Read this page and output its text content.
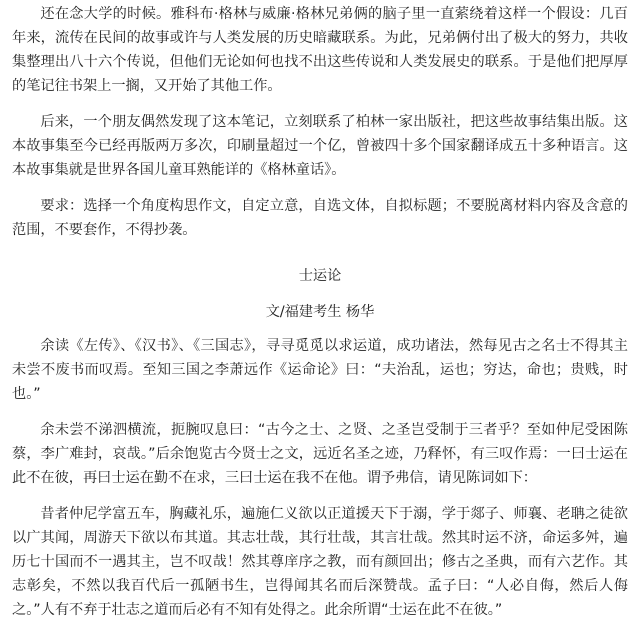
还在念大学的时候。雅科布·格林与威廉·格林兄弟俩的脑子里一直萦绕着这样一个假设：几百年来，流传在民间的故事或许与人类发展的历史暗藏联系。为此，兄弟俩付出了极大的努力，共收集整理出八十六个传说，但他们无论如何也找不出这些传说和人类发展史的联系。于是他们把厚厚的笔记往书架上一搁，又开始了其他工作。

后来，一个朋友偶然发现了这本笔记，立刻联系了柏林一家出版社，把这些故事结集出版。这本故事集至今已经再版两万多次，印刷量超过一个亿，曾被四十多个国家翻译成五十多种语言。这本故事集就是世界各国儿童耳熟能详的《格林童话》。

要求：选择一个角度构思作文，自定立意，自选文体，自拟标题；不要脱离材料内容及含意的范围，不要套作，不得抄袭。

士运论

文/福建考生 杨华

余读《左传》、《汉书》、《三国志》，寻寻觅觅以求运道，成功诸法，然每见古之名士不得其主未尝不废书而叹焉。至知三国之李萧远作《运命论》曰：“夫治乱，运也；穷达，命也；贵贱，时也。”

余未尝不涕泗横流，扼腕叹息曰：“古今之士、之贤、之圣岂受制于三者乎？至如仲尼受困陈蔡，李广难封，哀哉。”后余饱览古今贤士之文，远近名圣之迹，乃释怀，有三叹作焉：一曰士运在此不在彼，再曰士运在勤不在求，三曰士运在我不在他。谓予弗信，请见陈词如下：

昔者仲尼学富五车，胸藏礼乐，遍施仁义欲以正道援天下于溺，学于郯子、师襄、老聃之徒欲以广其闻，周游天下欲以布其道。其志壮哉，其行壮哉，其言壮哉。然其时运不济，命运多舛，遍历七十国而不一遇其主，岂不叹哉！然其尊庠序之教，而有颜回出；修古之圣典，而有六艺作。其志彰矣，不然以我百代后一孤陋书生，岂得闻其名而后深赞哉。孟子曰：“人必自侮，然后人侮之。”人有不弃于壮志之道而后必有不知有处得之。此余所谓“士运在此不在彼。”
